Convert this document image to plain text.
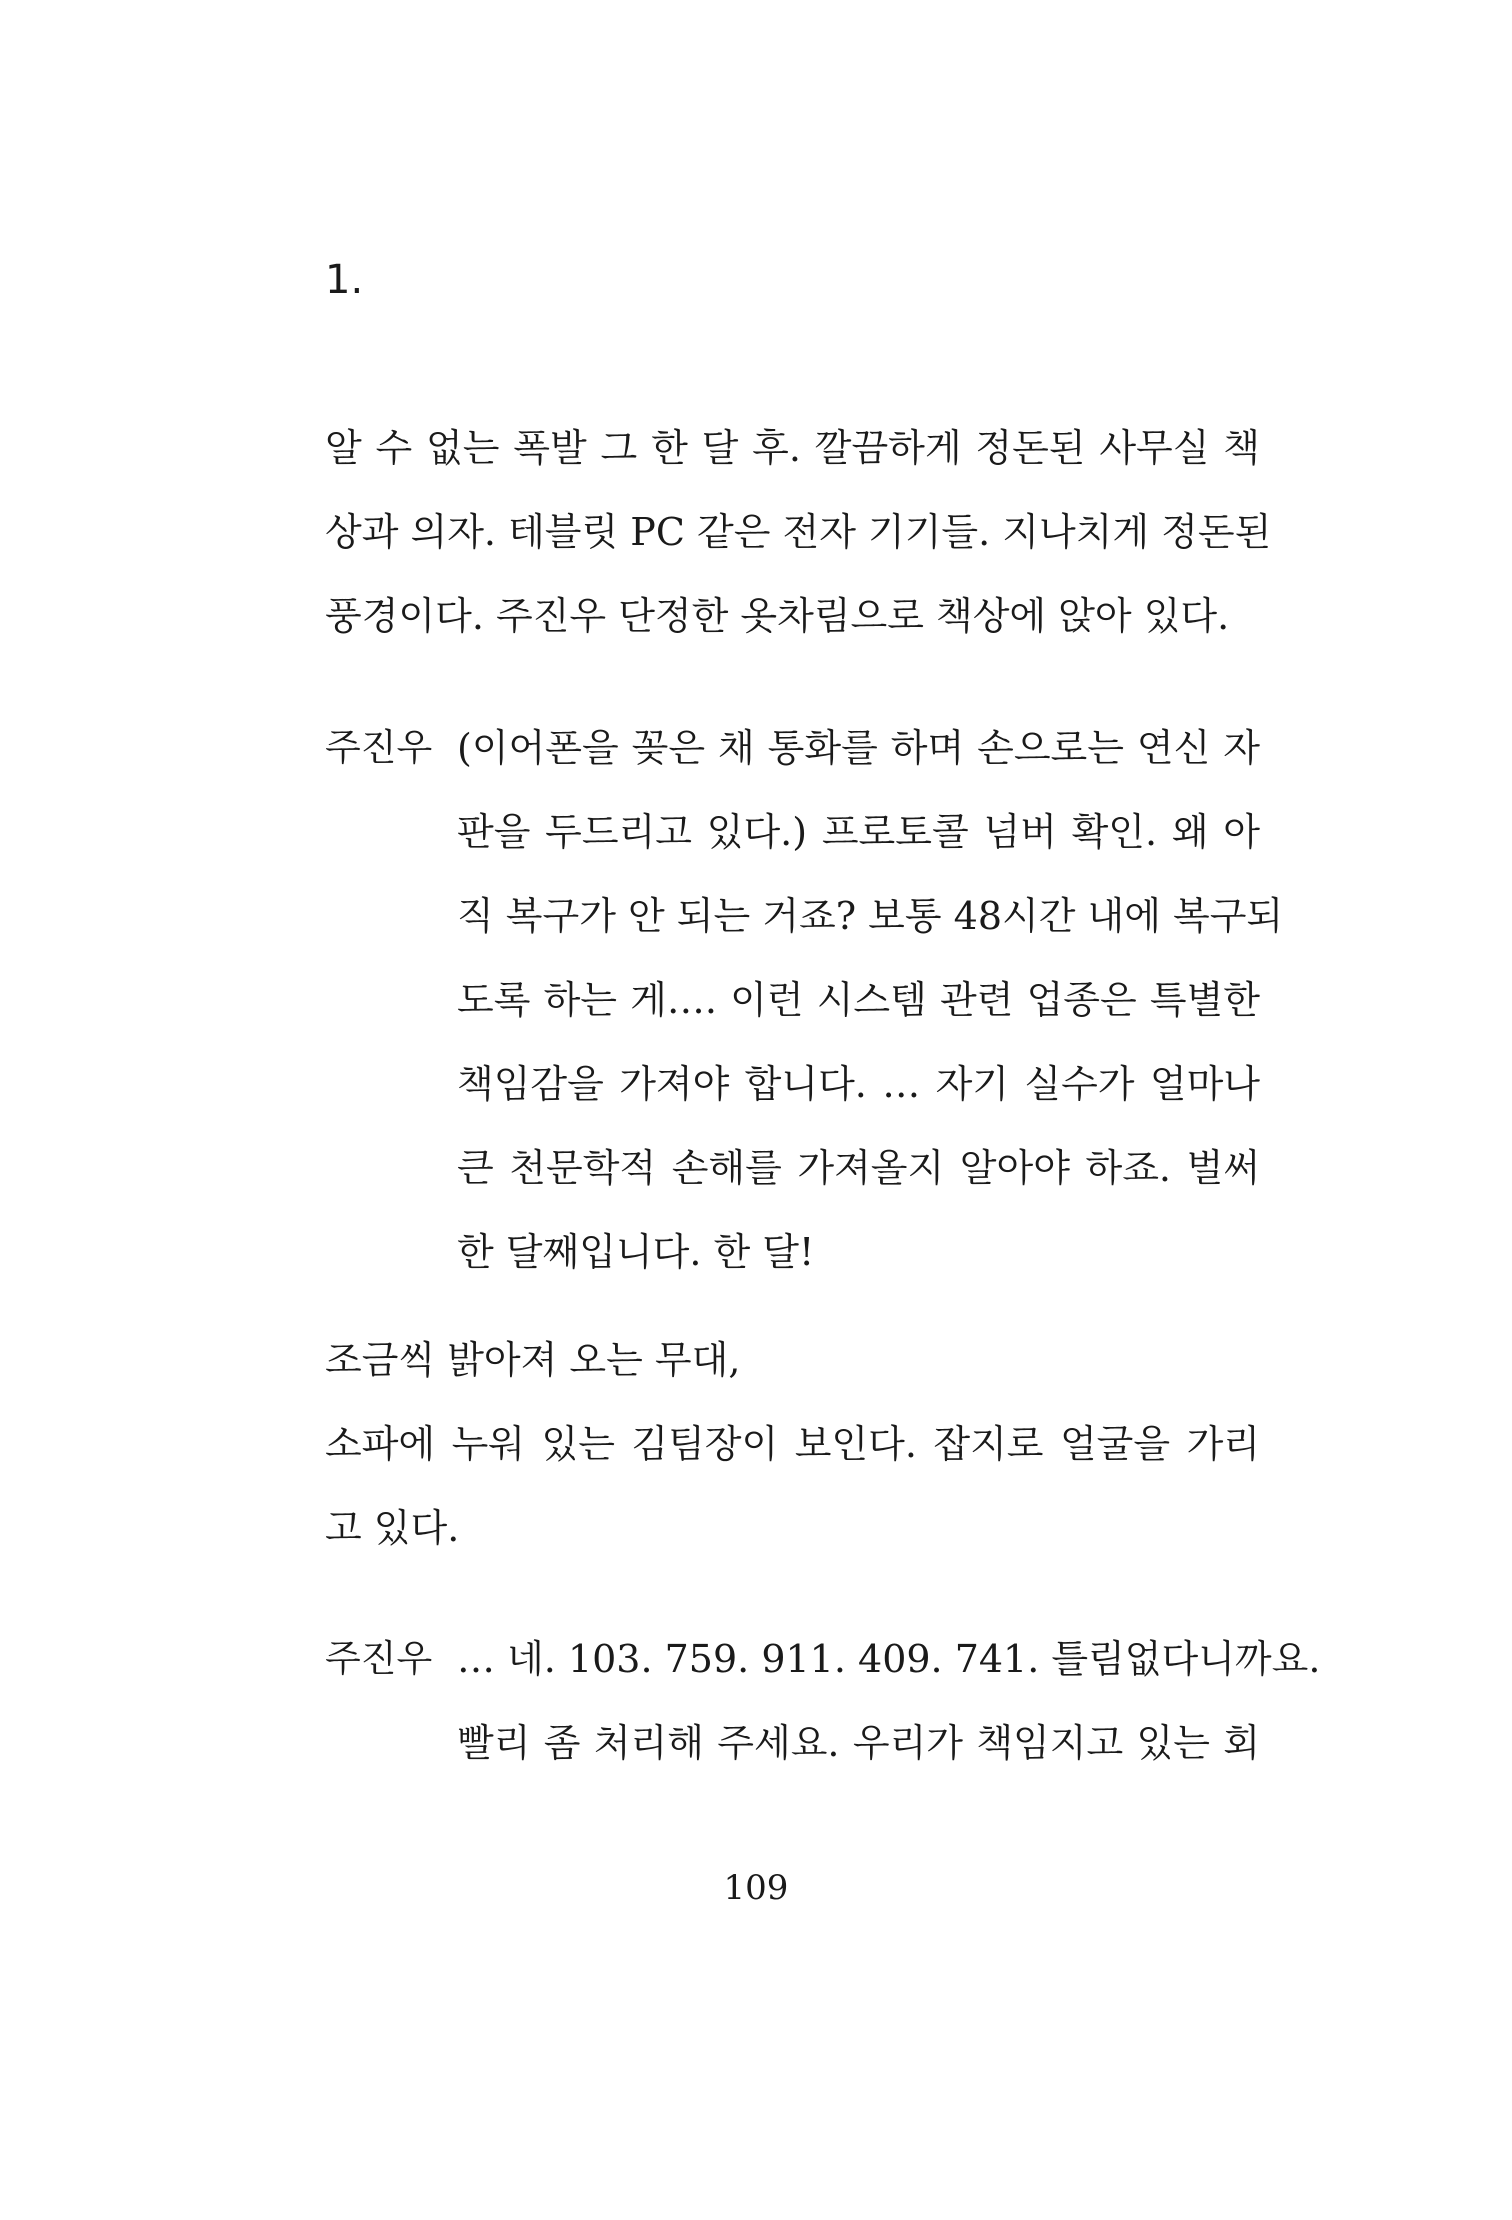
1.
알 수 없는 폭발 그 한 달 후. 깔끔하게 정돈된 사무실 책
상과 의자. 테블릿 PC 같은 전자 기기들. 지나치게 정돈된
풍경이다. 주진우 단정한 옷차림으로 책상에 앉아 있다.
주진우 (이어폰을 꽂은 채 통화를 하며 손으로는 연신 자
판을 두드리고 있다.) 프로토콜 넘버 확인. 왜 아
직 복구가 안 되는 거죠? 보통 48시간 내에 복구되
도록 하는 게…. 이런 시스템 관련 업종은 특별한
책임감을 가져야 합니다. … 자기 실수가 얼마나
큰 천문학적 손해를 가져올지 알아야 하죠. 벌써
한 달째입니다. 한 달!
조금씩 밝아져 오는 무대,
소파에 누워 있는 김팀장이 보인다. 잡지로 얼굴을 가리
고 있다.
주진우 … 네. 103. 759. 911. 409. 741. 틀림없다니까요.
빨리 좀 처리해 주세요. 우리가 책임지고 있는 회
109
